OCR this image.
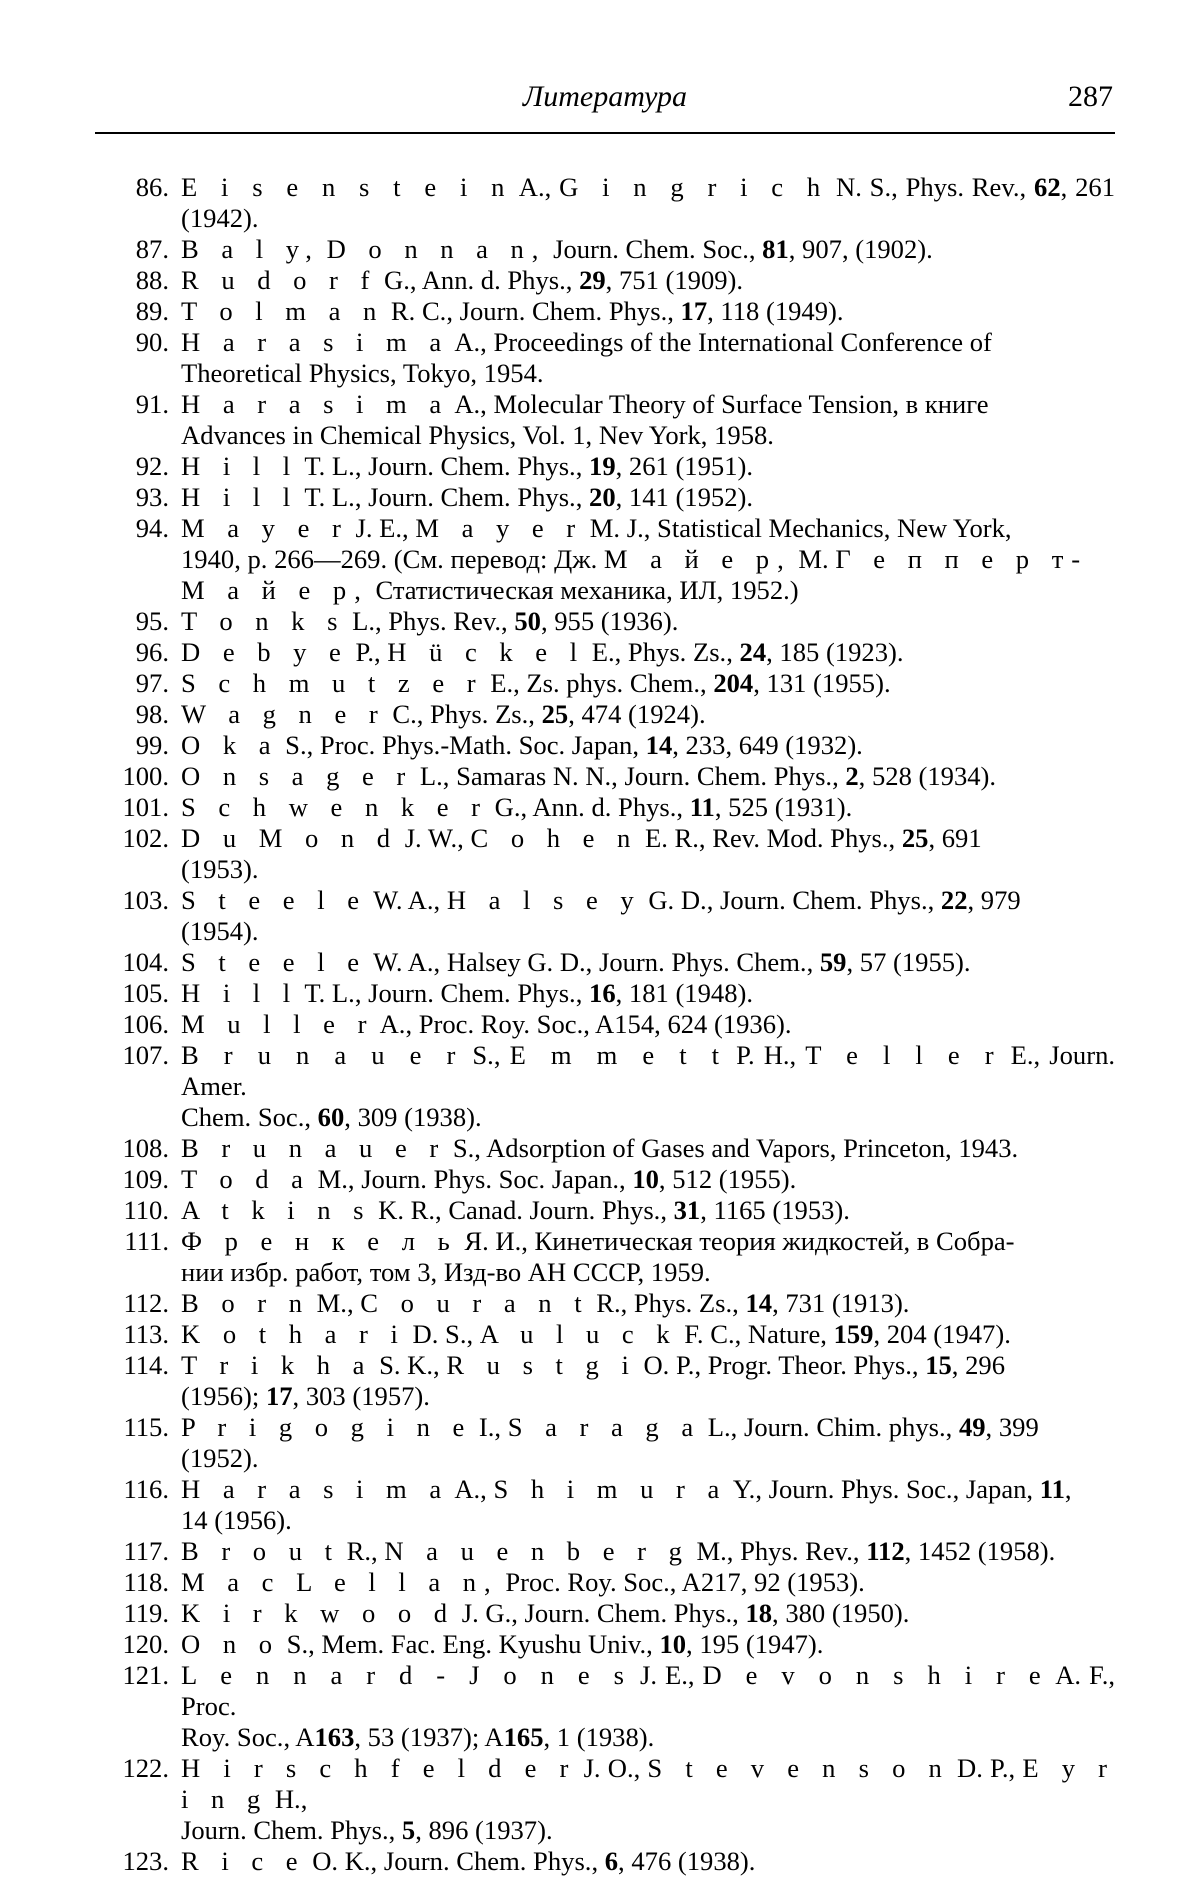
Литература	287
86. E i s e n s t e i n A., G i n g r i c h N. S., Phys. Rev., 62, 261 (1942).
87. B a l y, D o n n a n, Journ. Chem. Soc., 81, 907, (1902).
88. R u d o r f G., Ann. d. Phys., 29, 751 (1909).
89. T o l m a n R. C., Journ. Chem. Phys., 17, 118 (1949).
90. H a r a s i m a A., Proceedings of the International Conference of
Theoretical Physics, Tokyo, 1954.
91. H a r a s i m a A., Molecular Theory of Surface Tension, в книге
Advances in Chemical Physics, Vol. 1, Nev York, 1958.
92. H i l l T. L., Journ. Chem. Phys., 19, 261 (1951).
93. H i l l T. L., Journ. Chem. Phys., 20, 141 (1952).
94. M a y e r J. E., M a y e r M. J., Statistical Mechanics, New York,
1940, p. 266—269. (См. перевод: Дж. М а й е р, М. Г е п п е р т-
М а й е р, Статистическая механика, ИЛ, 1952.)
95. T o n k s L., Phys. Rev., 50, 955 (1936).
96. D e b y e P., H ü c k e l E., Phys. Zs., 24, 185 (1923).
97. S c h m u t z e r E., Zs. phys. Chem., 204, 131 (1955).
98. W a g n e r C., Phys. Zs., 25, 474 (1924).
99. O k a S., Proc. Phys.-Math. Soc. Japan, 14, 233, 649 (1932).
100. O n s a g e r L., Samaras N. N., Journ. Chem. Phys., 2, 528 (1934).
101. S c h w e n k e r G., Ann. d. Phys., 11, 525 (1931).
102. D u M o n d J. W., C o h e n E. R., Rev. Mod. Phys., 25, 691
(1953).
103. S t e e l e W. A., H a l s e y G. D., Journ. Chem. Phys., 22, 979
(1954).
104. S t e e l e W. A., Halsey G. D., Journ. Phys. Chem., 59, 57 (1955).
105. H i l l T. L., Journ. Chem. Phys., 16, 181 (1948).
106. M u l l e r A., Proc. Roy. Soc., A154, 624 (1936).
107. B r u n a u e r S., E m m e t t P. H., T e l l e r E., Journ. Amer.
Chem. Soc., 60, 309 (1938).
108. B r u n a u e r S., Adsorption of Gases and Vapors, Princeton, 1943.
109. T o d a M., Journ. Phys. Soc. Japan., 10, 512 (1955).
110. A t k i n s K. R., Canad. Journ. Phys., 31, 1165 (1953).
111. Ф р е н к е л ь Я. И., Кинетическая теория жидкостей, в Собра-
нии избр. работ, том 3, Изд-во АН СССР, 1959.
112. B o r n M., C o u r a n t R., Phys. Zs., 14, 731 (1913).
113. K o t h a r i D. S., A u l u c k F. C., Nature, 159, 204 (1947).
114. T r i k h a S. K., R u s t g i O. P., Progr. Theor. Phys., 15, 296
(1956); 17, 303 (1957).
115. P r i g o g i n e I., S a r a g a L., Journ. Chim. phys., 49, 399
(1952).
116. H a r a s i m a A., S h i m u r a Y., Journ. Phys. Soc., Japan, 11,
14 (1956).
117. B r o u t R., N a u e n b e r g M., Phys. Rev., 112, 1452 (1958).
118. M a c L e l l a n, Proc. Roy. Soc., A217, 92 (1953).
119. K i r k w o o d J. G., Journ. Chem. Phys., 18, 380 (1950).
120. O n o S., Mem. Fac. Eng. Kyushu Univ., 10, 195 (1947).
121. L e n n a r d - J o n e s J. E., D e v o n s h i r e A. F., Proc.
Roy. Soc., A163, 53 (1937); A165, 1 (1938).
122. H i r s c h f e l d e r J. O., S t e v e n s o n D. P., E y r i n g H.,
Journ. Chem. Phys., 5, 896 (1937).
123. R i c e O. K., Journ. Chem. Phys., 6, 476 (1938).
